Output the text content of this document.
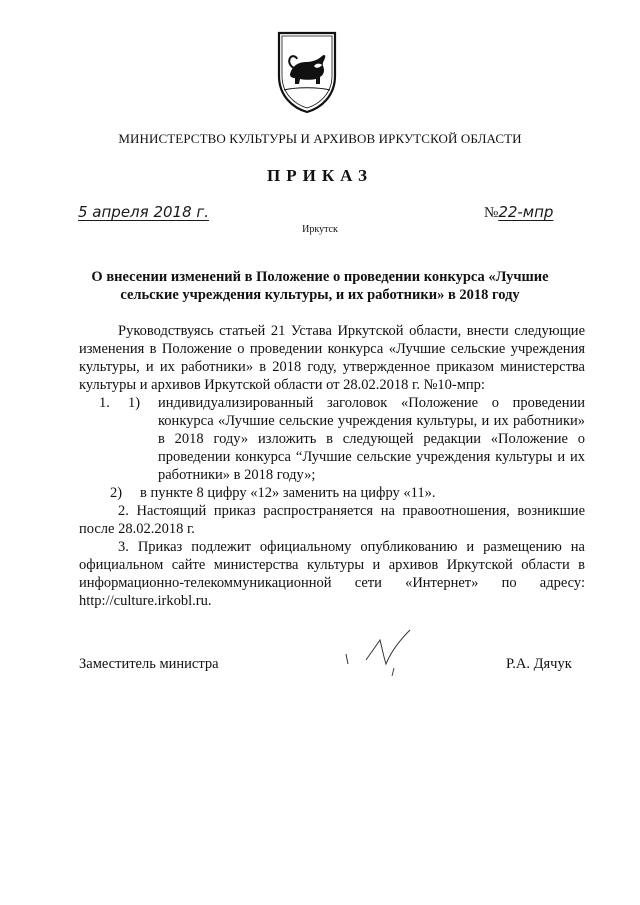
МИНИСТЕРСТВО КУЛЬТУРЫ И АРХИВОВ ИРКУТСКОЙ ОБЛАСТИ
ПРИКАЗ
5 апреля 2018 г.
Иркутск
№22-мпр
О внесении изменений в Положение о проведении конкурса «Лучшие сельские учреждения культуры, и их работники» в 2018 году

Руководствуясь статьей 21 Устава Иркутской области, внести следующие изменения в Положение о проведении конкурса «Лучшие сельские учреждения культуры, и их работники» в 2018 году, утвержденное приказом министерства культуры и архивов Иркутской области от 28.02.2018 г. №10-мпр:

1.	1)	индивидуализированный заголовок «Положение о проведении конкурса «Лучшие сельские учреждения культуры, и их работники» в 2018 году» изложить в следующей редакции «Положение о проведении конкурса “Лучшие сельские учреждения культуры и их работники» в 2018 году»;

2) в пункте 8 цифру «12» заменить на цифру «11».

2. Настоящий приказ распространяется на правоотношения, возникшие после 28.02.2018 г.

3. Приказ подлежит официальному опубликованию и размещению на официальном сайте министерства культуры и архивов Иркутской области в информационно-телекоммуникационной сети «Интернет» по адресу: http://culture.irkobl.ru.

Заместитель министра	Р.А. Дячук
